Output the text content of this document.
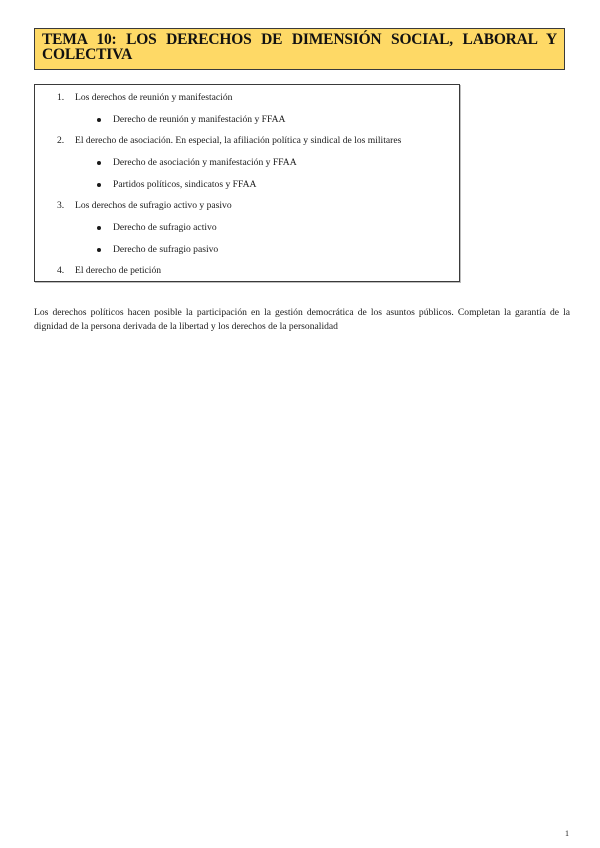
TEMA 10: LOS DERECHOS DE DIMENSIÓN SOCIAL, LABORAL Y COLECTIVA

1.	Los derechos de reunión y manifestación
Derecho de reunión y manifestación y FFAA
2.	El derecho de asociación. En especial, la afiliación política y sindical de los militares
Derecho de asociación y manifestación y FFAA
Partidos políticos, sindicatos y FFAA
3.	Los derechos de sufragio activo y pasivo
Derecho de sufragio activo
Derecho de sufragio pasivo
4.	El derecho de petición

Los derechos políticos hacen posible la participación en la gestión democrática de los asuntos públicos. Completan la garantía de la dignidad de la persona derivada de la libertad y los derechos de la personalidad

1
